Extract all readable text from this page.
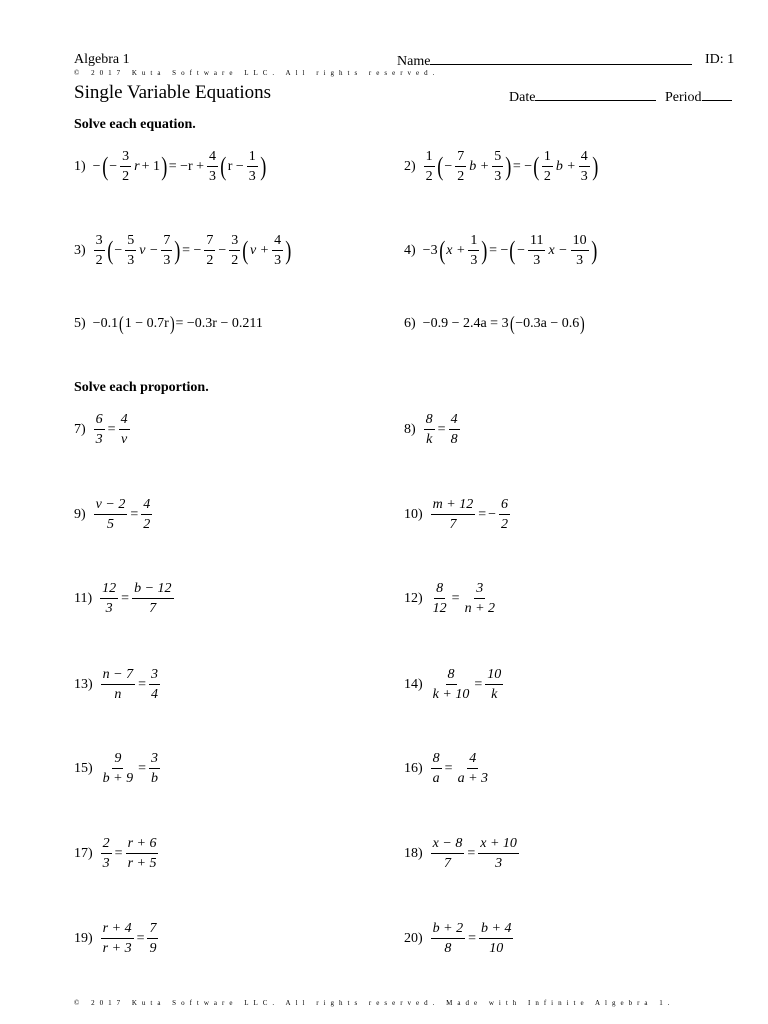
Algebra 1	Name	ID: 1
© 2017 Kuta Software LLC. All rights reserved.
Single Variable Equations	Date	Period
Solve each equation.
1) − ( − $\frac{3}{2}$ r + 1 ) = $-r + \frac{4}{3}$ ( $r - \frac{1}{3}$ )	$2) \frac{1}{2}$ ( − $\frac{7}{2}$ $b + \frac{5}{3}$ ) = − ( $\frac{1}{2}$ $b + \frac{4}{3}$ )
$3) \frac{3}{2}$ ( − $\frac{5}{3}$ $v - \frac{7}{3}$ ) = − $\frac{7}{2} - \frac{3}{2}$ ( $v + \frac{4}{3}$ )	4) −3 ( $x + \frac{1}{3}$ ) = − ( − $\frac{11}{3}$ $x - \frac{10}{3}$ )
5) −0.1 ( 1 − 0.7r ) = −0.3r − 0.211	6) −0.9 − 2.4a = 3 ( −0.3a − 0.6 )
Solve each proportion.
$7) \frac{6}{3} = \frac{4}{v}$	$8) \frac{8}{k} = \frac{4}{8}$
$9) \frac{v - 2}{5} = \frac{4}{2}$	$10) \frac{m + 12}{7}$ = − $\frac{6}{2}$
$11) \frac{12}{3} = \frac{b - 12}{7}$	$12) \frac{8}{12} = \frac{3}{n + 2}$
$13) \frac{n - 7}{n} = \frac{3}{4}$	$14) \frac{8}{k + 10} = \frac{10}{k}$
$15) \frac{9}{b + 9} = \frac{3}{b}$	$16) \frac{8}{a} = \frac{4}{a + 3}$
$17) \frac{2}{3} = \frac{r + 6}{r + 5}$	$18) \frac{x - 8}{7} = \frac{x + 10}{3}$
$19) \frac{r + 4}{r + 3} = \frac{7}{9}$	$20) \frac{b + 2}{8} = \frac{b + 4}{10}$
© 2017 Kuta Software LLC. All rights reserved. Made with Infinite Algebra 1.
